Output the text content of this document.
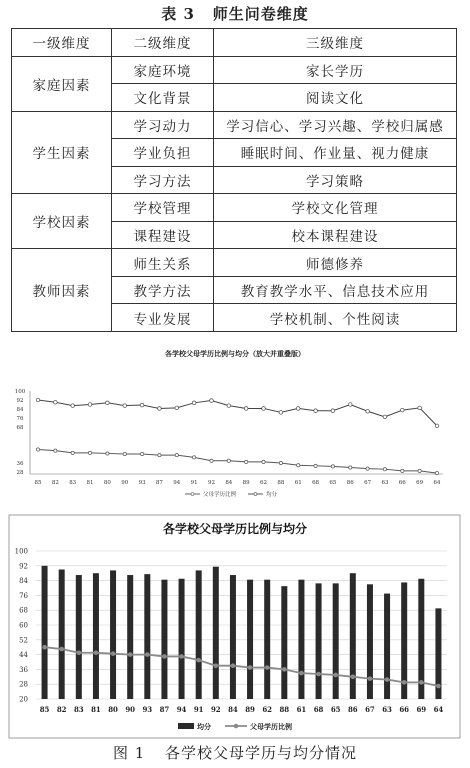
表 3 师生问卷维度
一级维度	二级维度	三级维度
家庭因素	家庭环境	家长学历
	文化背景	阅读文化
学生因素	学习动力	学习信心、学习兴趣、学校归属感
	学业负担	睡眠时间、作业量、视力健康
	学习方法	学习策略
学校因素	学校管理	学校文化管理
	课程建设	校本课程建设
教师因素	师生关系	师德修养
	教学方法	教育教学水平、信息技术应用
	专业发展	学校机制、个性阅读
各学校父母学历比例与均分（放大并重叠版）
28
36
68
76
84
92
100
85 82 83 81 80 90 93 87 94 91 92 84 89 62 88 61 68 65 86 67 63 66 69 64
父母学历比例	均分
各学校父母学历比例与均分
20
28
36
44
52
60
68
76
84
92
100
85 82 83 81 80 90 93 87 94 91 92 84 89 62 88 61 68 65 86 67 63 66 69 64
均分	父母学历比例
图 1 各学校父母学历与均分情况
